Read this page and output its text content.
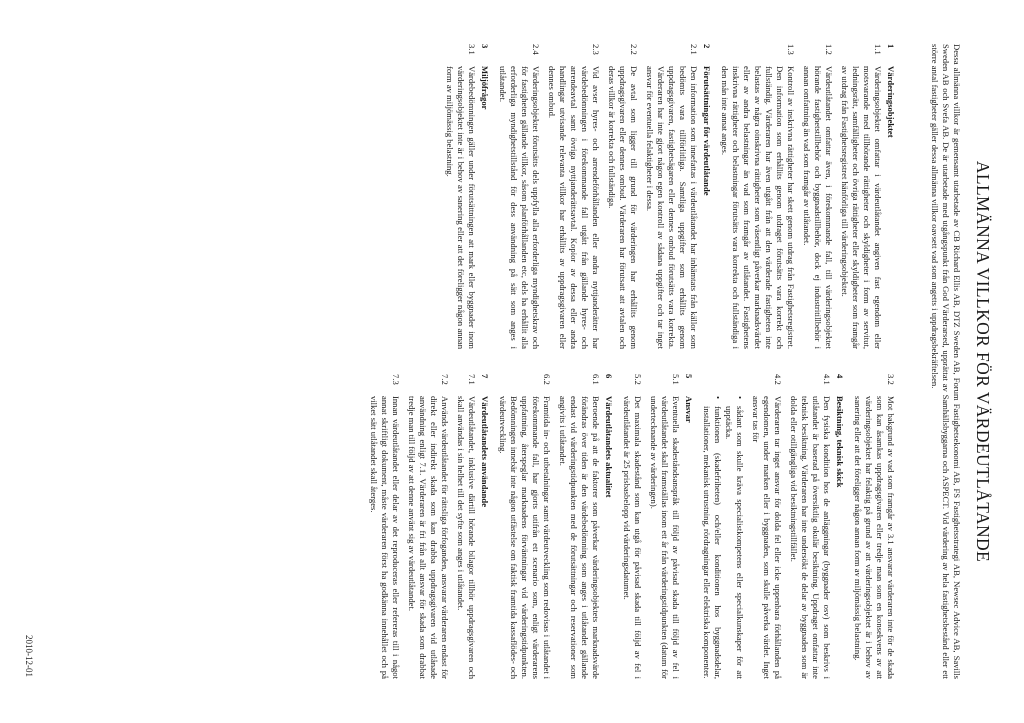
ALLMÄNNA VILLKOR FÖR VÄRDEUTLÅTANDE
Dessa allmänna villkor är gemensamt utarbetade av CB Richard Ellis AB, DTZ Sweden AB, Forum Fastighetsekonomi AB, FS Fastighetsstrategi AB, Newsec Advice AB, Savills Sweden AB och Svefa AB. De är utarbetade med utgångspunkt från God Värderarsed, upprättat av Samhällsbyggarna och ASPECT. Vid värdering av hela fastighetsbestånd eller ett större antal fastigheter gäller dessa allmänna villkor oavsett vad som angetts i uppdragsbekräftelsen.
1
Värderingsobjektet
1.1
Värderingsobjektet omfattar i värdeutlåtandet angiven fast egendom eller motsvarande med tillhörande rättigheter och skyldigheter i form av servitut, ledningsrätt, samfälligheter och övriga rättigheter eller skyldigheter som framgår av utdrag från Fastighetsregistret hänförliga till värderingsobjektet.
1.2
Värdeutlåtandet omfattar även, i förekommande fall, till värderingsobjektet hörande fastighetstillbehör och byggnadstillbehör, dock ej industritillbehör i annan omfattning än vad som framgår av utlåtandet.
1.3
Kontroll av inskrivna rättigheter har skett genom utdrag från Fastighetsregistret. Den information som erhållits genom utdraget förutsätts vara korrekt och fullständig. Värderaren har även utgått från att den värderade fastigheten inte belastas av några oinskrivna rättigheter som väsentligt påverkar marknadsvärdet eller av andra belastningar än vad som framgår av utlåtandet. Fastighetens inskrivna rättigheter och belastningar förutsätts vara korrekta och fullständiga i den mån inte annat anges.
2
Förutsättningar för värdeutlåtande
2.1
Den information som innefattas i värdeutlåtandet har inhämtats från källor som bedömts vara tillförlitliga. Samtliga uppgifter som erhållits genom uppdragsgivaren, fastighetsägaren eller dennes ombud förutsätts vara korrekta. Värderaren har inte gjort någon egen kontroll av sådana uppgifter och tar inget ansvar för eventuella felaktigheter i dessa.
2.2
De avtal som ligger till grund för värderingen har erhållits genom uppdragsgivaren eller dennes ombud. Värderaren har förutsatt att avtalen och deras villkor är korrekta och fullständiga.
2.3
Vid avser hyres- och arrendeförhållanden eller andra nyttjanderätter har värdebedömningen i förekommande fall utgått från gällande hyres- och arrendeavtal samt övriga nyttjanderättsavtal. Kopior av dessa eller andra handlingar utvisande relevanta villkor har erhållits av uppdragsgivaren eller dennes ombud.
2.4
Värderingsobjektet förutsätts dels uppfylla alla erforderliga myndighetskrav och för fastigheten gällande villkor, såsom planförhållanden etc, dels ha erhållit alla erforderliga myndighetstillstånd för dess användning på sätt som anges i utlåtandet.
3
Miljöfrågor
3.1
Värdebedömningen gäller under förutsättningen att mark eller byggnader inom värderingsobjektet inte är i behov av sanering eller att det föreligger någon annan form av miljömässig belastning.
3.2
Mot bakgrund av vad som framgår av 3.1 ansvarar värderaren inte för de skada som kan åsamkas uppdragsgivaren eller tredje man som en konsekvens av att värderingsobjektet har felaktig på grund av att värderingsobjektet är i behov av sanering eller att det föreligger någon annan form av miljömässig belastning.
4
Besiktning, teknisk skick
4.1
Den fysiska kondition hos de anläggningar (byggnader osv) som beskrivs i utlåtandet är baserad på översiktlig okulär besiktning. Uppdraget omfattar inte teknisk besiktning. Värderaren har inte undersökt de delar av byggnaden som är dolda eller otillgängliga vid besiktningstillfället.
4.2
Värderaren tar inget ansvar för dolda fel eller icke uppenbara förhållanden på egendomen, under marken eller i byggnaden, som skulle påverka värdet. Inget ansvar tas för
•
sådant som skulle kräva specialistkompetens eller specialkunskaper för att upptäcka.
•
funktionen (skadefriheten) och/eller konditionen hos byggnadsdelar, installationer, mekanisk utrustning, rördragningar eller elektriska komponenter.
5
Ansvar
5.1
Eventuella skadeståndsanspråk till följd av påvisad skada till följd av fel i värdeutlåtandet skall framställas inom ett år från värderingstidpunkten (datum för undertecknande av värderingen).
5.2
Det maximala skadestånd som kan utgå för påvisad skada till följd av fel i värdeutlåtandet är 25 prisbasbelopp vid värderingsdatumet.
6
Värdeutlåtandets aktualitet
6.1
Beroende på att de faktorer som påverkar värderingsobjektets marknadsvärde förändras över tiden är den värdebedömning som anges i utlåtandet gällande endast vid värderingstidpunkten med de förutsättningar och reservationer som angivits i utlåtandet.
6.2
Framtida in- och utbetalningar samt värdeutveckling som redovisas i utlåtandet i förekommande fall, har gjorts utifrån ett scenario som, enligt värderarens uppfattning, återspeglar marknadens förväntningar vid värderingstidpunkten. Bedömningen innebär inte någon utfästelse om faktisk framtida kassaflödes- och värdeutveckling.
7
Värdeutlåtandets användande
7.1
Värdeutlåtandet, inklusive därtill hörande bilagor tillhör uppdragsgivaren och skall användas i sin helhet till det syfte som anges i utlåtandet.
7.2
Används värdeutlåtandet för rättsliga förfoganden, ansvarar värderaren endast för direkt eller indirekt skada som kan drabba uppdragsgivaren vid utlånade användning enligt 7.1. Värderaren är fri från allt ansvar för skada som drabbat tredje man till följd av att denne använt sig av värdeutlåtandet.
7.3
Innan värdeutlåtandet eller delar av det reproduceras eller refereras till i något annat skriftligt dokument, måste värderaren först ha godkänna innehållet och på vilket sätt utlåtandet skall återges.
2010-12-01
